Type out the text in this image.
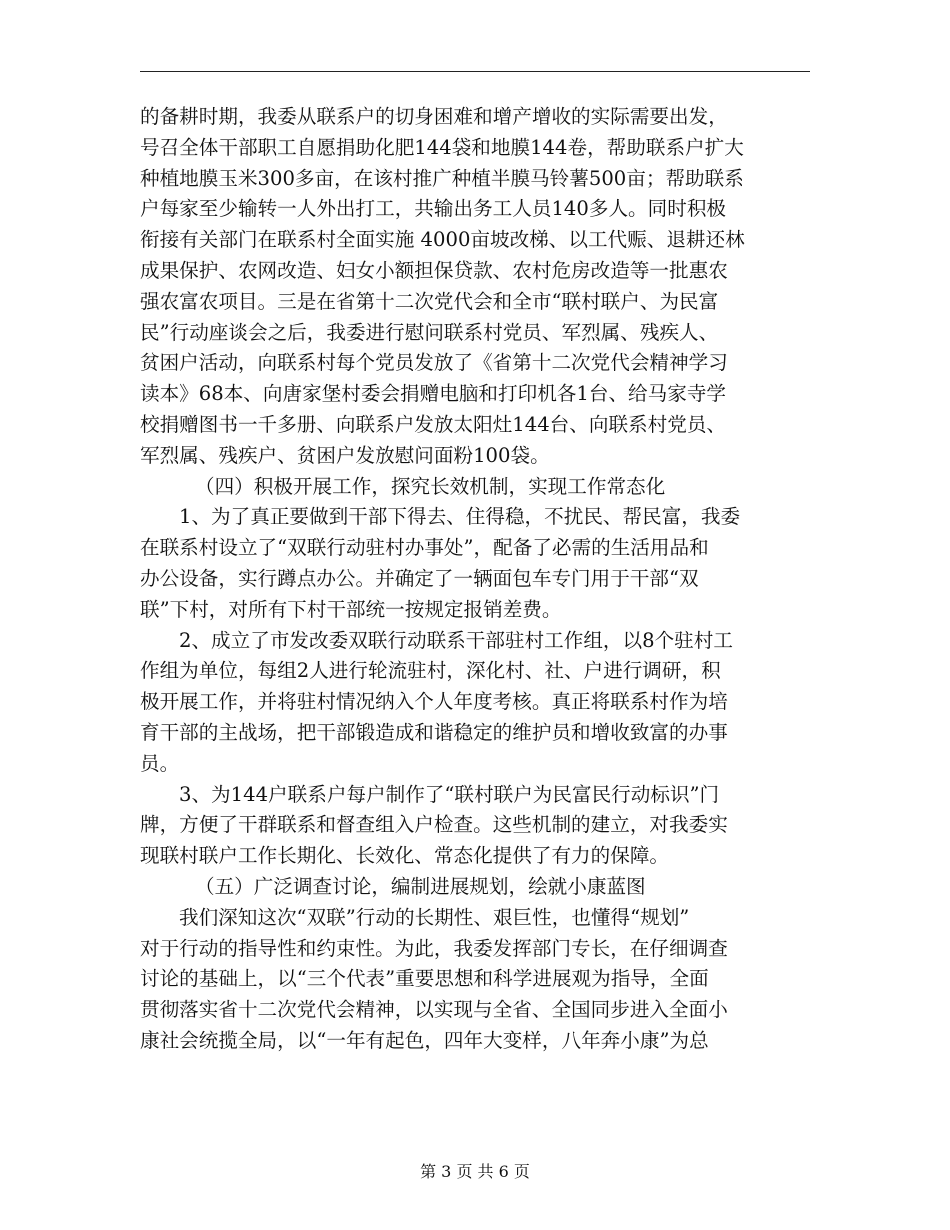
的备耕时期，我委从联系户的切身困难和增产增收的实际需要出发，
号召全体干部职工自愿捐助化肥144袋和地膜144卷，帮助联系户扩大
种植地膜玉米300多亩，在该村推广种植半膜马铃薯500亩；帮助联系
户每家至少输转一人外出打工，共输出务工人员140多人。同时积极
衔接有关部门在联系村全面实施 4000亩坡改梯、以工代赈、退耕还林
成果保护、农网改造、妇女小额担保贷款、农村危房改造等一批惠农
强农富农项目。三是在省第十二次党代会和全市“联村联户、为民富
民”行动座谈会之后，我委进行慰问联系村党员、军烈属、残疾人、
贫困户活动，向联系村每个党员发放了《省第十二次党代会精神学习
读本》68本、向唐家堡村委会捐赠电脑和打印机各1台、给马家寺学
校捐赠图书一千多册、向联系户发放太阳灶144台、向联系村党员、
军烈属、残疾户、贫困户发放慰问面粉100袋。
（四）积极开展工作，探究长效机制，实现工作常态化
1、为了真正要做到干部下得去、住得稳，不扰民、帮民富，我委
在联系村设立了“双联行动驻村办事处”，配备了必需的生活用品和
办公设备，实行蹲点办公。并确定了一辆面包车专门用于干部“双
联”下村，对所有下村干部统一按规定报销差费。
2、成立了市发改委双联行动联系干部驻村工作组，以8个驻村工
作组为单位，每组2人进行轮流驻村，深化村、社、户进行调研，积
极开展工作，并将驻村情况纳入个人年度考核。真正将联系村作为培
育干部的主战场，把干部锻造成和谐稳定的维护员和增收致富的办事
员。
3、为144户联系户每户制作了“联村联户为民富民行动标识”门
牌，方便了干群联系和督查组入户检查。这些机制的建立，对我委实
现联村联户工作长期化、长效化、常态化提供了有力的保障。
（五）广泛调查讨论，编制进展规划，绘就小康蓝图
我们深知这次“双联”行动的长期性、艰巨性，也懂得“规划”
对于行动的指导性和约束性。为此，我委发挥部门专长，在仔细调查
讨论的基础上，以“三个代表”重要思想和科学进展观为指导，全面
贯彻落实省十二次党代会精神，以实现与全省、全国同步进入全面小
康社会统揽全局，以“一年有起色，四年大变样，八年奔小康”为总
第 3 页 共 6 页
